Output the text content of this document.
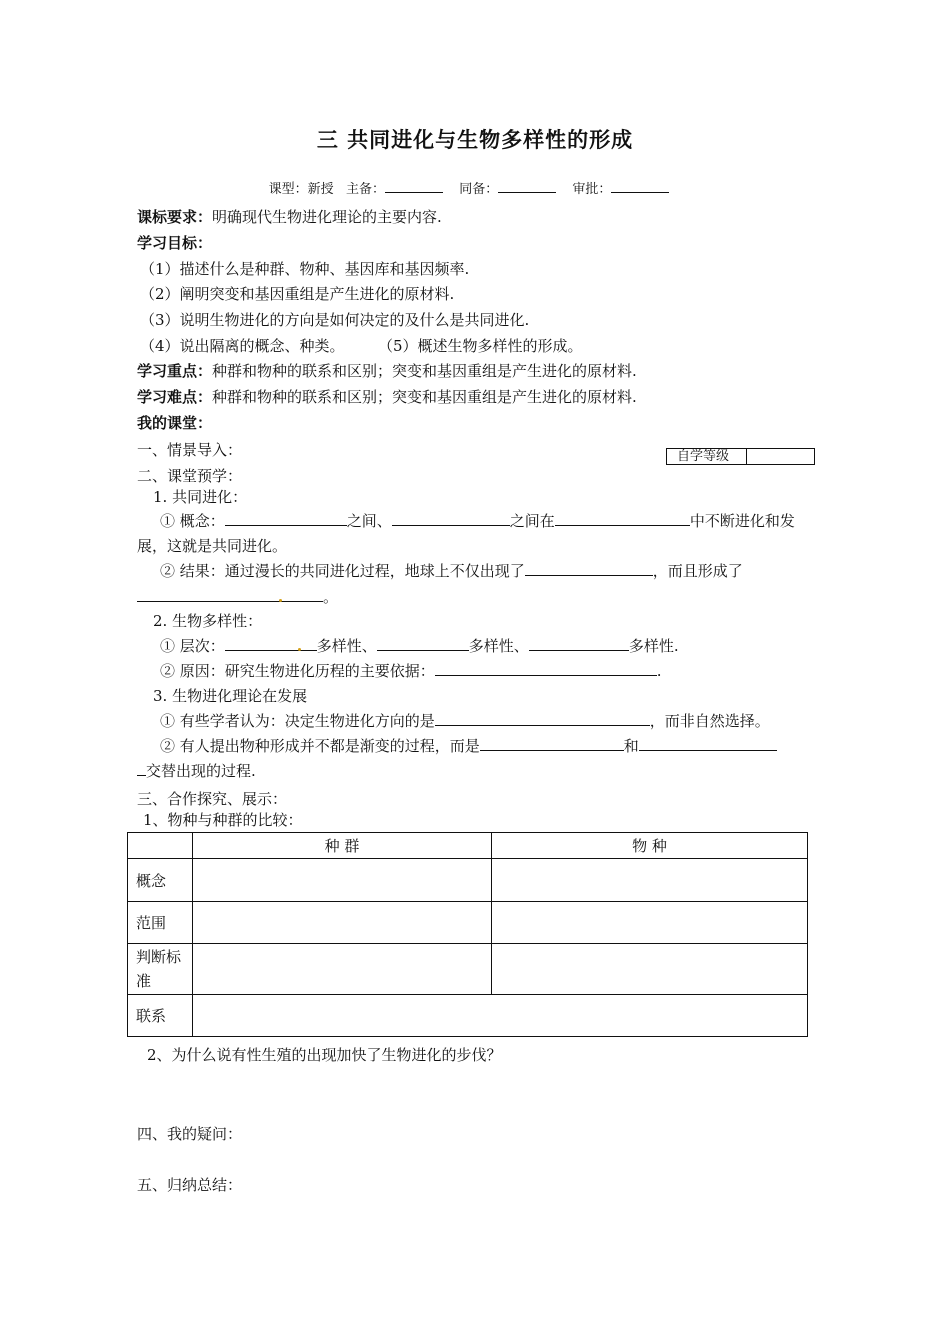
三 共同进化与生物多样性的形成
课型：新授 主备：	同备：	审批：
课标要求：明确现代生物进化理论的主要内容.
学习目标：
（1）描述什么是种群、物种、基因库和基因频率.
（2）阐明突变和基因重组是产生进化的原材料.
（3）说明生物进化的方向是如何决定的及什么是共同进化.
（4）说出隔离的概念、种类。 （5）概述生物多样性的形成。
学习重点：种群和物种的联系和区别；突变和基因重组是产生进化的原材料.
学习难点：种群和物种的联系和区别；突变和基因重组是产生进化的原材料.
我的课堂：
一、情景导入：	自学等级
二、课堂预学：
1. 共同进化：
① 概念：	之间、	之间在	中不断进化和发
展，这就是共同进化。
② 结果：通过漫长的共同进化过程，地球上不仅出现了	，而且形成了
。
2. 生物多样性：
① 层次：	多样性、	多样性、	多样性.
② 原因：研究生物进化历程的主要依据：	.
3. 生物进化理论在发展
① 有些学者认为：决定生物进化方向的是	，而非自然选择。
② 有人提出物种形成并不都是渐变的过程，而是	和
交替出现的过程.
三、合作探究、展示：
1、物种与种群的比较：
	种 群	物 种
概念		
范围		
判断标准		
联系		
2、为什么说有性生殖的出现加快了生物进化的步伐？
四、我的疑问：
五、归纳总结：
